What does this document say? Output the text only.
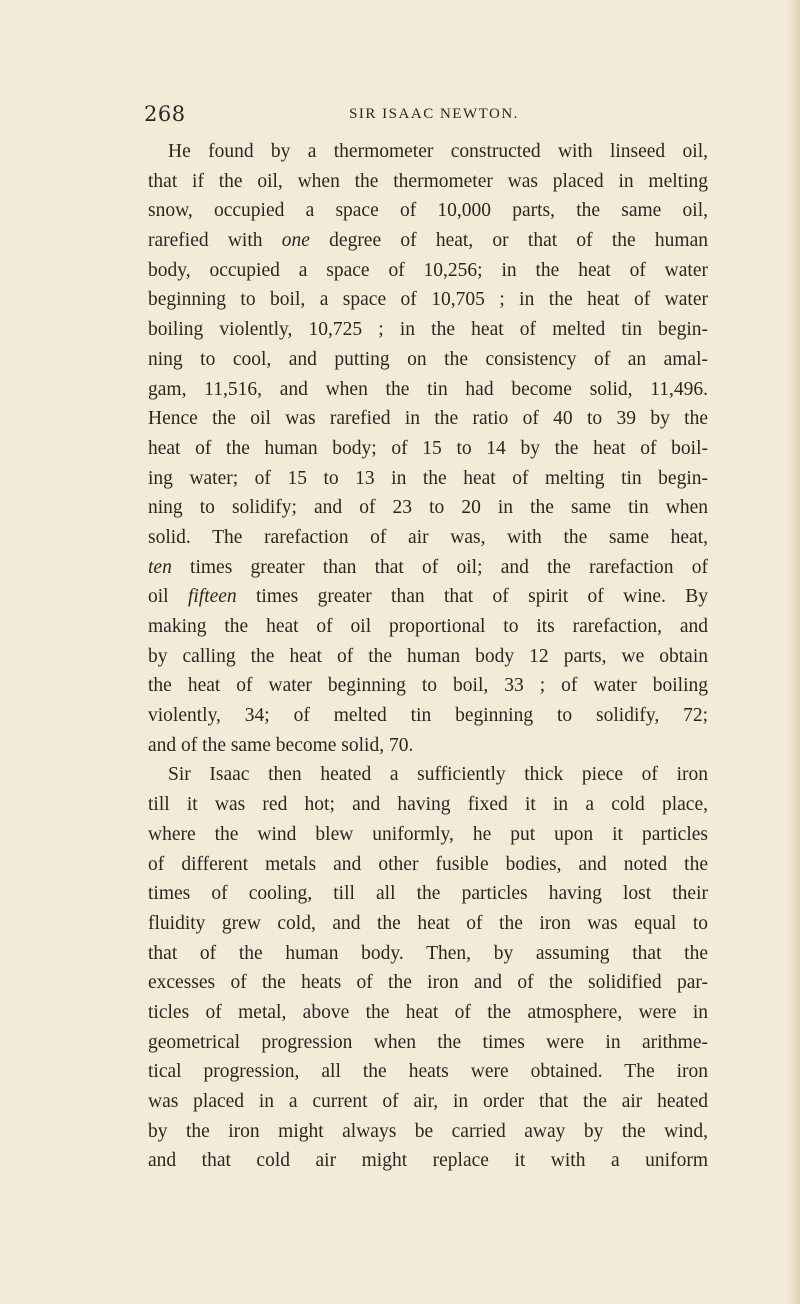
268	SIR ISAAC NEWTON.
He found by a thermometer constructed with linseed oil,
that if the oil, when the thermometer was placed in melting
snow, occupied a space of 10,000 parts, the same oil,
rarefied with one degree of heat, or that of the human
body, occupied a space of 10,256; in the heat of water
beginning to boil, a space of 10,705 ; in the heat of water
boiling violently, 10,725 ; in the heat of melted tin begin-
ning to cool, and putting on the consistency of an amal-
gam, 11,516, and when the tin had become solid, 11,496.
Hence the oil was rarefied in the ratio of 40 to 39 by the
heat of the human body; of 15 to 14 by the heat of boil-
ing water; of 15 to 13 in the heat of melting tin begin-
ning to solidify; and of 23 to 20 in the same tin when
solid. The rarefaction of air was, with the same heat,
ten times greater than that of oil; and the rarefaction of
oil fifteen times greater than that of spirit of wine. By
making the heat of oil proportional to its rarefaction, and
by calling the heat of the human body 12 parts, we obtain
the heat of water beginning to boil, 33 ; of water boiling
violently, 34; of melted tin beginning to solidify, 72;
and of the same become solid, 70.
Sir Isaac then heated a sufficiently thick piece of iron
till it was red hot; and having fixed it in a cold place,
where the wind blew uniformly, he put upon it particles
of different metals and other fusible bodies, and noted the
times of cooling, till all the particles having lost their
fluidity grew cold, and the heat of the iron was equal to
that of the human body. Then, by assuming that the
excesses of the heats of the iron and of the solidified par-
ticles of metal, above the heat of the atmosphere, were in
geometrical progression when the times were in arithme-
tical progression, all the heats were obtained. The iron
was placed in a current of air, in order that the air heated
by the iron might always be carried away by the wind,
and that cold air might replace it with a uniform
